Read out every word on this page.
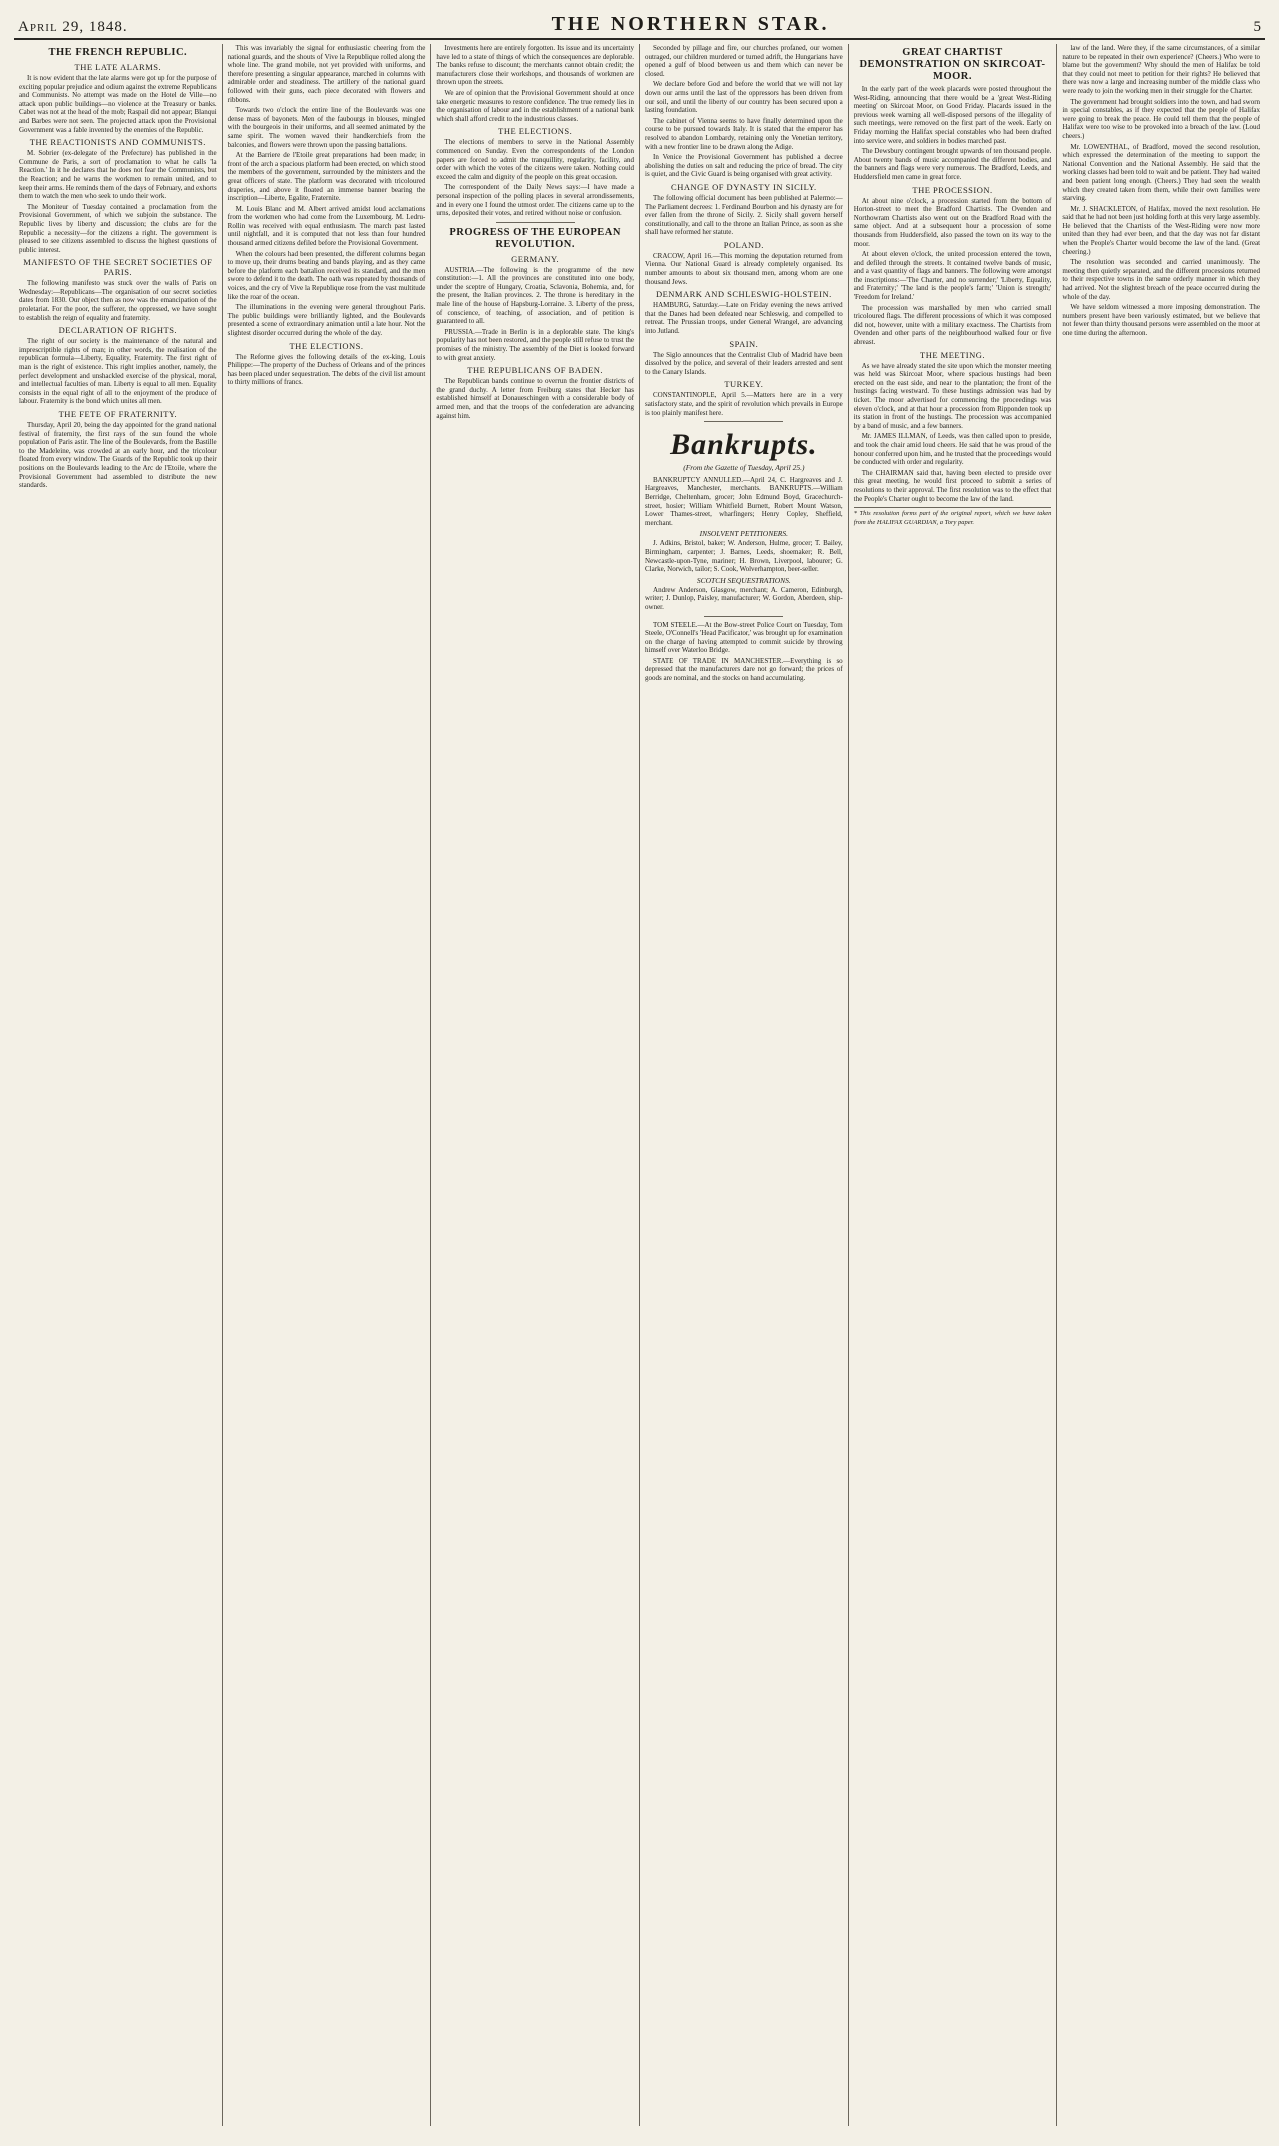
April 29, 1848.	THE NORTHERN STAR.	5
THE FRENCH REPUBLIC.
THE LATE ALARMS.

It is now evident that the late alarms were got up for the purpose of exciting popular prejudice and odium against the extreme Republicans and Communists. No attempt was made on the Hotel de Ville—no attack upon public buildings—no violence at the Treasury or banks. Cabet was not at the head of the mob; Raspail did not appear; Blanqui and Barbes were not seen. The projected attack upon the Provisional Government was a fable invented by the enemies of the Republic.

THE REACTIONISTS AND COMMUNISTS.

M. Sobrier (ex-delegate of the Prefecture) has published in the Commune de Paris, a sort of proclamation to what he calls 'la Reaction.' In it he declares that he does not fear the Communists, but the Reaction; and he warns the workmen to remain united, and to keep their arms. He reminds them of the days of February, and exhorts them to watch the men who seek to undo their work.

The Moniteur of Tuesday contained a proclamation from the Provisional Government, of which we subjoin the substance. The Republic lives by liberty and discussion; the clubs are for the Republic a necessity—for the citizens a right. The government is pleased to see citizens assembled to discuss the highest questions of public interest.

MANIFESTO OF THE SECRET SOCIETIES OF PARIS.

The following manifesto was stuck over the walls of Paris on Wednesday:—Republicans—The organisation of our secret societies dates from 1830. Our object then as now was the emancipation of the proletariat. For the poor, the sufferer, the oppressed, we have sought to establish the reign of equality and fraternity.

DECLARATION OF RIGHTS.

The right of our society is the maintenance of the natural and imprescriptible rights of man; in other words, the realisation of the republican formula—Liberty, Equality, Fraternity. The first right of man is the right of existence. This right implies another, namely, the perfect development and unshackled exercise of the physical, moral, and intellectual faculties of man. Liberty is equal to all men. Equality consists in the equal right of all to the enjoyment of the produce of labour. Fraternity is the bond which unites all men.

THE FETE OF FRATERNITY.

Thursday, April 20, being the day appointed for the grand national festival of fraternity, the first rays of the sun found the whole population of Paris astir. The line of the Boulevards, from the Bastille to the Madeleine, was crowded at an early hour, and the tricolour floated from every window. The Guards of the Republic took up their positions on the Boulevards leading to the Arc de l'Etoile, where the Provisional Government had assembled to distribute the new standards.

This was invariably the signal for enthusiastic cheering from the national guards, and the shouts of Vive la Republique rolled along the whole line. The grand mobile, not yet provided with uniforms, and therefore presenting a singular appearance, marched in columns with admirable order and steadiness. The artillery of the national guard followed with their guns, each piece decorated with flowers and ribbons.

Towards two o'clock the entire line of the Boulevards was one dense mass of bayonets. Men of the faubourgs in blouses, mingled with the bourgeois in their uniforms, and all seemed animated by the same spirit. The women waved their handkerchiefs from the balconies, and flowers were thrown upon the passing battalions.

At the Barriere de l'Etoile great preparations had been made; in front of the arch a spacious platform had been erected, on which stood the members of the government, surrounded by the ministers and the great officers of state. The platform was decorated with tricoloured draperies, and above it floated an immense banner bearing the inscription—Liberte, Egalite, Fraternite.

M. Louis Blanc and M. Albert arrived amidst loud acclamations from the workmen who had come from the Luxembourg. M. Ledru-Rollin was received with equal enthusiasm. The march past lasted until nightfall, and it is computed that not less than four hundred thousand armed citizens defiled before the Provisional Government.

When the colours had been presented, the different columns began to move up, their drums beating and bands playing, and as they came before the platform each battalion received its standard, and the men swore to defend it to the death. The oath was repeated by thousands of voices, and the cry of Vive la Republique rose from the vast multitude like the roar of the ocean.

The illuminations in the evening were general throughout Paris. The public buildings were brilliantly lighted, and the Boulevards presented a scene of extraordinary animation until a late hour. Not the slightest disorder occurred during the whole of the day.

THE ELECTIONS.

The Reforme gives the following details of the ex-king, Louis Philippe:—The property of the Duchess of Orleans and of the princes has been placed under sequestration. The debts of the civil list amount to thirty millions of francs.

Investments here are entirely forgotten. Its issue and its uncertainty have led to a state of things of which the consequences are deplorable. The banks refuse to discount; the merchants cannot obtain credit; the manufacturers close their workshops, and thousands of workmen are thrown upon the streets.

We are of opinion that the Provisional Government should at once take energetic measures to restore confidence. The true remedy lies in the organisation of labour and in the establishment of a national bank which shall afford credit to the industrious classes.

THE ELECTIONS.

The elections of members to serve in the National Assembly commenced on Sunday. Even the correspondents of the London papers are forced to admit the tranquillity, regularity, facility, and order with which the votes of the citizens were taken. Nothing could exceed the calm and dignity of the people on this great occasion.

The correspondent of the Daily News says:—I have made a personal inspection of the polling places in several arrondissements, and in every one I found the utmost order. The citizens came up to the urns, deposited their votes, and retired without noise or confusion.

PROGRESS OF THE EUROPEAN REVOLUTION.
GERMANY.

AUSTRIA.—The following is the programme of the new constitution:—1. All the provinces are constituted into one body, under the sceptre of Hungary, Croatia, Sclavonia, Bohemia, and, for the present, the Italian provinces. 2. The throne is hereditary in the male line of the house of Hapsburg-Lorraine. 3. Liberty of the press, of conscience, of teaching, of association, and of petition is guaranteed to all.

PRUSSIA.—Trade in Berlin is in a deplorable state. The king's popularity has not been restored, and the people still refuse to trust the promises of the ministry. The assembly of the Diet is looked forward to with great anxiety.

THE REPUBLICANS OF BADEN.

The Republican bands continue to overrun the frontier districts of the grand duchy. A letter from Freiburg states that Hecker has established himself at Donaueschingen with a considerable body of armed men, and that the troops of the confederation are advancing against him.

Seconded by pillage and fire, our churches profaned, our women outraged, our children murdered or turned adrift, the Hungarians have opened a gulf of blood between us and them which can never be closed.

We declare before God and before the world that we will not lay down our arms until the last of the oppressors has been driven from our soil, and until the liberty of our country has been secured upon a lasting foundation.

The cabinet of Vienna seems to have finally determined upon the course to be pursued towards Italy. It is stated that the emperor has resolved to abandon Lombardy, retaining only the Venetian territory, with a new frontier line to be drawn along the Adige.

In Venice the Provisional Government has published a decree abolishing the duties on salt and reducing the price of bread. The city is quiet, and the Civic Guard is being organised with great activity.

CHANGE OF DYNASTY IN SICILY.

The following official document has been published at Palermo:—The Parliament decrees: 1. Ferdinand Bourbon and his dynasty are for ever fallen from the throne of Sicily. 2. Sicily shall govern herself constitutionally, and call to the throne an Italian Prince, as soon as she shall have reformed her statute.

POLAND.

CRACOW, April 16.—This morning the deputation returned from Vienna. Our National Guard is already completely organised. Its number amounts to about six thousand men, among whom are one thousand Jews.

DENMARK AND SCHLESWIG-HOLSTEIN.

HAMBURG, Saturday.—Late on Friday evening the news arrived that the Danes had been defeated near Schleswig, and compelled to retreat. The Prussian troops, under General Wrangel, are advancing into Jutland.

SPAIN.

The Siglo announces that the Centralist Club of Madrid have been dissolved by the police, and several of their leaders arrested and sent to the Canary Islands.

TURKEY.

CONSTANTINOPLE, April 5.—Matters here are in a very satisfactory state, and the spirit of revolution which prevails in Europe is too plainly manifest here.

Bankrupts.
(From the Gazette of Tuesday, April 25.)

BANKRUPTCY ANNULLED.—April 24, C. Hargreaves and J. Hargreaves, Manchester, merchants. BANKRUPTS.—William Berridge, Cheltenham, grocer; John Edmund Boyd, Gracechurch-street, hosier; William Whitfield Burnett, Robert Mount Watson, Lower Thames-street, wharfingers; Henry Copley, Sheffield, merchant.

INSOLVENT PETITIONERS.

J. Adkins, Bristol, baker; W. Anderson, Hulme, grocer; T. Bailey, Birmingham, carpenter; J. Barnes, Leeds, shoemaker; R. Bell, Newcastle-upon-Tyne, mariner; H. Brown, Liverpool, labourer; G. Clarke, Norwich, tailor; S. Cook, Wolverhampton, beer-seller.

SCOTCH SEQUESTRATIONS.

Andrew Anderson, Glasgow, merchant; A. Cameron, Edinburgh, writer; J. Dunlop, Paisley, manufacturer; W. Gordon, Aberdeen, ship-owner.

TOM STEELE.—At the Bow-street Police Court on Tuesday, Tom Steele, O'Connell's 'Head Pacificator,' was brought up for examination on the charge of having attempted to commit suicide by throwing himself over Waterloo Bridge.

STATE OF TRADE IN MANCHESTER.—Everything is so depressed that the manufacturers dare not go forward; the prices of goods are nominal, and the stocks on hand accumulating.

GREAT CHARTIST DEMONSTRATION ON SKIRCOAT-MOOR.

In the early part of the week placards were posted throughout the West-Riding, announcing that there would be a 'great West-Riding meeting' on Skircoat Moor, on Good Friday. Placards issued in the previous week warning all well-disposed persons of the illegality of such meetings, were removed on the first part of the week. Early on Friday morning the Halifax special constables who had been drafted into service were, and soldiers in bodies marched past.

The Dewsbury contingent brought upwards of ten thousand people. About twenty bands of music accompanied the different bodies, and the banners and flags were very numerous. The Bradford, Leeds, and Huddersfield men came in great force.

THE PROCESSION.

At about nine o'clock, a procession started from the bottom of Horton-street to meet the Bradford Chartists. The Ovenden and Northowram Chartists also went out on the Bradford Road with the same object. And at a subsequent hour a procession of some thousands from Huddersfield, also passed the town on its way to the moor.

At about eleven o'clock, the united procession entered the town, and defiled through the streets. It contained twelve bands of music, and a vast quantity of flags and banners. The following were amongst the inscriptions:—'The Charter, and no surrender;' 'Liberty, Equality, and Fraternity;' 'The land is the people's farm;' 'Union is strength;' 'Freedom for Ireland.'

The procession was marshalled by men who carried small tricoloured flags. The different processions of which it was composed did not, however, unite with a military exactness. The Chartists from Ovenden and other parts of the neighbourhood walked four or five abreast.

THE MEETING.

As we have already stated the site upon which the monster meeting was held was Skircoat Moor, where spacious hustings had been erected on the east side, and near to the plantation; the front of the hustings facing westward. To these hustings admission was had by ticket. The moor advertised for commencing the proceedings was eleven o'clock, and at that hour a procession from Ripponden took up its station in front of the hustings. The procession was accompanied by a band of music, and a few banners.

Mr. JAMES ILLMAN, of Leeds, was then called upon to preside, and took the chair amid loud cheers. He said that he was proud of the honour conferred upon him, and he trusted that the proceedings would be conducted with order and regularity.

The CHAIRMAN said that, having been elected to preside over this great meeting, he would first proceed to submit a series of resolutions to their approval. The first resolution was to the effect that the People's Charter ought to become the law of the land.

* This resolution forms part of the original report, which we have taken from the HALIFAX GUARDIAN, a Tory paper.

law of the land. Were they, if the same circumstances, of a similar nature to be repeated in their own experience? (Cheers.) Who were to blame but the government? Why should the men of Halifax be told that they could not meet to petition for their rights? He believed that there was now a large and increasing number of the middle class who were ready to join the working men in their struggle for the Charter.

The government had brought soldiers into the town, and had sworn in special constables, as if they expected that the people of Halifax were going to break the peace. He could tell them that the people of Halifax were too wise to be provoked into a breach of the law. (Loud cheers.)

Mr. LOWENTHAL, of Bradford, moved the second resolution, which expressed the determination of the meeting to support the National Convention and the National Assembly. He said that the working classes had been told to wait and be patient. They had waited and been patient long enough. (Cheers.) They had seen the wealth which they created taken from them, while their own families were starving.

Mr. J. SHACKLETON, of Halifax, moved the next resolution. He said that he had not been just holding forth at this very large assembly. He believed that the Chartists of the West-Riding were now more united than they had ever been, and that the day was not far distant when the People's Charter would become the law of the land. (Great cheering.)

The resolution was seconded and carried unanimously. The meeting then quietly separated, and the different processions returned to their respective towns in the same orderly manner in which they had arrived. Not the slightest breach of the peace occurred during the whole of the day.

We have seldom witnessed a more imposing demonstration. The numbers present have been variously estimated, but we believe that not fewer than thirty thousand persons were assembled on the moor at one time during the afternoon.
